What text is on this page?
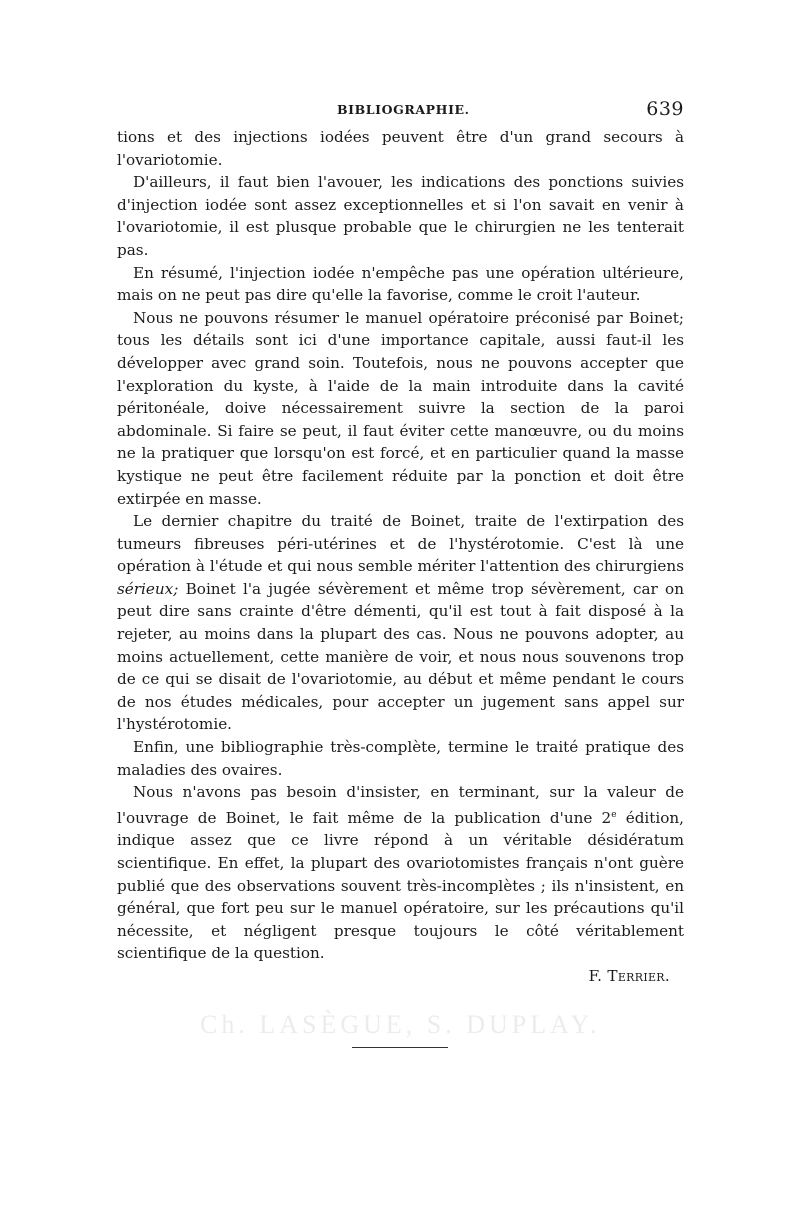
BIBLIOGRAPHIE.	639

tions et des injections iodées peuvent être d'un grand secours à l'ovariotomie.

D'ailleurs, il faut bien l'avouer, les indications des ponctions suivies d'injection iodée sont assez exceptionnelles et si l'on savait en venir à l'ovariotomie, il est plusque probable que le chirurgien ne les tenterait pas.

En résumé, l'injection iodée n'empêche pas une opération ultérieure, mais on ne peut pas dire qu'elle la favorise, comme le croit l'auteur.

Nous ne pouvons résumer le manuel opératoire préconisé par Boinet; tous les détails sont ici d'une importance capitale, aussi faut-il les développer avec grand soin. Toutefois, nous ne pouvons accepter que l'exploration du kyste, à l'aide de la main introduite dans la cavité péritonéale, doive nécessairement suivre la section de la paroi abdominale. Si faire se peut, il faut éviter cette manœuvre, ou du moins ne la pratiquer que lorsqu'on est forcé, et en particulier quand la masse kystique ne peut être facilement réduite par la ponction et doit être extirpée en masse.

Le dernier chapitre du traité de Boinet, traite de l'extirpation des tumeurs fibreuses péri-utérines et de l'hystérotomie. C'est là une opération à l'étude et qui nous semble mériter l'attention des chirurgiens sérieux; Boinet l'a jugée sévèrement et même trop sévèrement, car on peut dire sans crainte d'être démenti, qu'il est tout à fait disposé à la rejeter, au moins dans la plupart des cas. Nous ne pouvons adopter, au moins actuellement, cette manière de voir, et nous nous souvenons trop de ce qui se disait de l'ovariotomie, au début et même pendant le cours de nos études médicales, pour accepter un jugement sans appel sur l'hystérotomie.

Enfin, une bibliographie très-complète, termine le traité pratique des maladies des ovaires.

Nous n'avons pas besoin d'insister, en terminant, sur la valeur de l'ouvrage de Boinet, le fait même de la publication d'une 2e édition, indique assez que ce livre répond à un véritable désidératum scientifique. En effet, la plupart des ovariotomistes français n'ont guère publié que des observations souvent très-incomplètes ; ils n'insistent, en général, que fort peu sur le manuel opératoire, sur les précautions qu'il nécessite, et négligent presque toujours le côté véritablement scientifique de la question.

F. Terrier.
Ch. LASÈGUE, S. DUPLAY.
